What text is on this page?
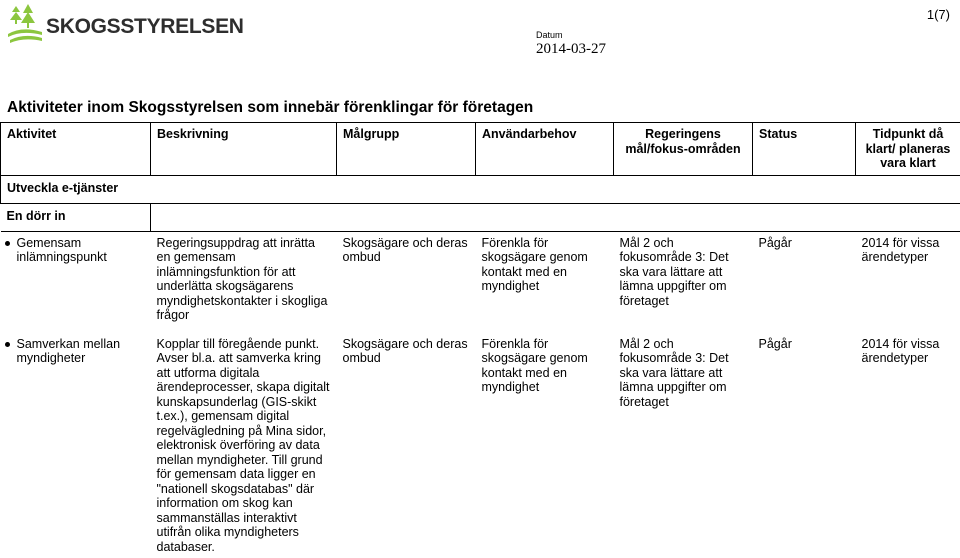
SKOGSSTYRELSEN
1(7)
Datum
2014-03-27
Aktiviteter inom Skogsstyrelsen som innebär förenklingar för företagen
Aktivitet	Beskrivning	Målgrupp	Användarbehov	Regeringens mål/fokus-områden	Status	Tidpunkt då klart/ planeras vara klart
Utveckla e-tjänster						
En dörr in						

Gemensam inlämningspunkt	Regeringsuppdrag att inrätta en gemensam inlämningsfunktion för att underlätta skogsägarens myndighetskontakter i skogliga frågor	Skogsägare och deras ombud	Förenkla för skogsägare genom kontakt med en myndighet	Mål 2 och fokusområde 3: Det ska vara lättare att lämna uppgifter om företaget	Pågår	2014 för vissa ärendetyper

Samverkan mellan myndigheter	Kopplar till föregående punkt. Avser bl.a. att samverka kring att utforma digitala ärendeprocesser, skapa digitalt kunskapsunderlag (GIS-skikt t.ex.), gemensam digital regelvägledning på Mina sidor, elektronisk överföring av data mellan myndigheter. Till grund för gemensam data ligger en "nationell skogsdatabas" där information om skog kan sammanställas interaktivt utifrån olika myndigheters databaser.	Skogsägare och deras ombud	Förenkla för skogsägare genom kontakt med en myndighet	Mål 2 och fokusområde 3: Det ska vara lättare att lämna uppgifter om företaget	Pågår	2014 för vissa ärendetyper
